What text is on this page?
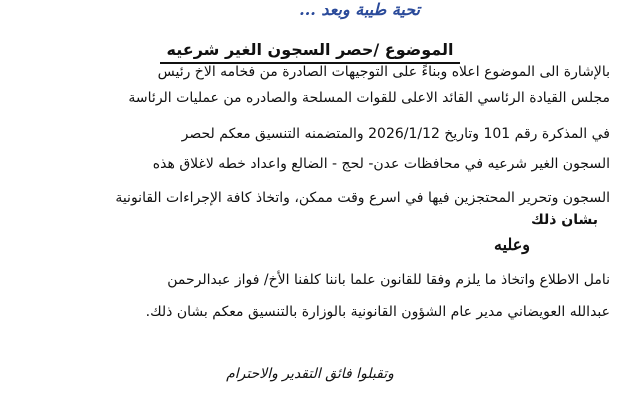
تحية طيبة وبعد ...
الموضوع /حصر السجون الغير شرعيه
بالإشارة الى الموضوع اعلاه وبناءً على التوجيهات الصادرة من فخامه الاخ رئيس
مجلس القيادة الرئاسي القائد الاعلى للقوات المسلحة والصادره من عمليات الرئاسة
في المذكرة رقم 101 وتاريخ 2026/1/12 والمتضمنه التنسيق معكم لحصر
السجون الغير شرعيه في محافظات عدن- لحج - الضالع واعداد خطه لاغلاق هذه
السجون وتحرير المحتجزين فيها في اسرع وقت ممكن، واتخاذ كافة الإجراءات القانونية
بشان ذلك
وعليه
نامل الاطلاع واتخاذ ما يلزم وفقا للقانون علما باننا كلفنا الأخ/ فواز عبدالرحمن
عبدالله العويضاني مدير عام الشؤون القانونية بالوزارة بالتنسيق معكم بشان ذلك.
وتقبلوا فائق التقدير والاحترام
